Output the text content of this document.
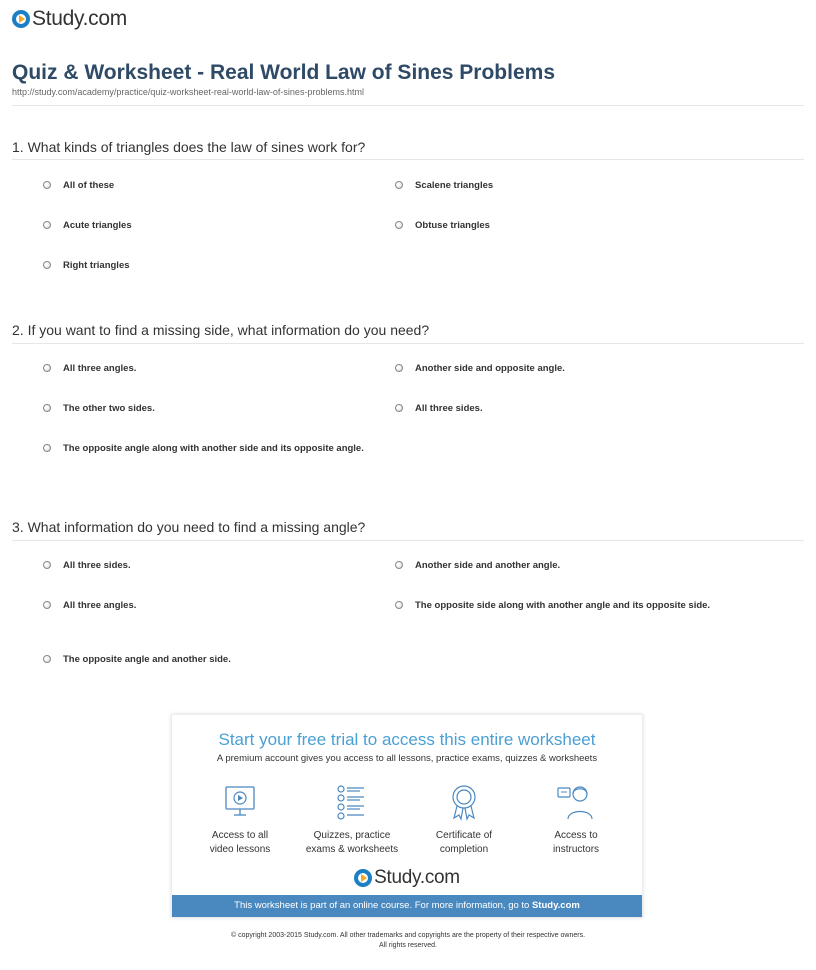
Study.com
Quiz & Worksheet - Real World Law of Sines Problems
http://study.com/academy/practice/quiz-worksheet-real-world-law-of-sines-problems.html
1. What kinds of triangles does the law of sines work for?
All of these	Scalene triangles
Acute triangles	Obtuse triangles
Right triangles
2. If you want to find a missing side, what information do you need?
All three angles.	Another side and opposite angle.
The other two sides.	All three sides.
The opposite angle along with another side and its opposite angle.
3. What information do you need to find a missing angle?
All three sides.	Another side and another angle.
All three angles.	The opposite side along with another angle and its opposite side.
The opposite angle and another side.
Start your free trial to access this entire worksheet
A premium account gives you access to all lessons, practice exams, quizzes & worksheets
Access to all
video lessons
Quizzes, practice
exams & worksheets
Certificate of
completion
Access to
instructors
Study.com
This worksheet is part of an online course. For more information, go to Study.com
© copyright 2003-2015 Study.com. All other trademarks and copyrights are the property of their respective owners.
All rights reserved.
